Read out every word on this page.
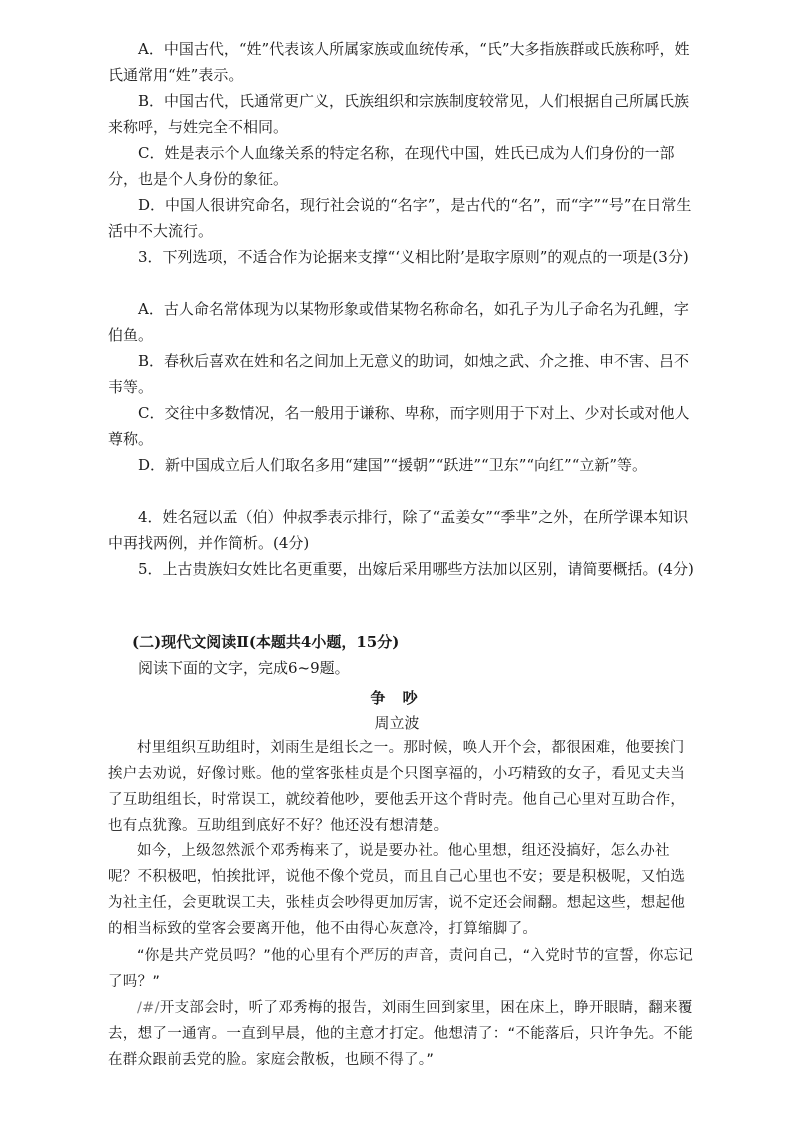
A．中国古代，“姓”代表该人所属家族或血统传承，“氏”大多指族群或氏族称呼，姓氏通常用“姓”表示。

B．中国古代，氏通常更广义，氏族组织和宗族制度较常见，人们根据自己所属氏族来称呼，与姓完全不相同。

C．姓是表示个人血缘关系的特定名称，在现代中国，姓氏已成为人们身份的一部分，也是个人身份的象征。

D．中国人很讲究命名，现行社会说的“名字”，是古代的“名”，而“字”“号”在日常生活中不大流行。

3．下列选项，不适合作为论据来支撑“‘义相比附’是取字原则”的观点的一项是(3分)

A．古人命名常体现为以某物形象或借某物名称命名，如孔子为儿子命名为孔鲤，字伯鱼。

B．春秋后喜欢在姓和名之间加上无意义的助词，如烛之武、介之推、申不害、吕不韦等。

C．交往中多数情况，名一般用于谦称、卑称，而字则用于下对上、少对长或对他人尊称。

D．新中国成立后人们取名多用“建国”“援朝”“跃进”“卫东”“向红”“立新”等。

4．姓名冠以孟（伯）仲叔季表示排行，除了“孟姜女”“季芈”之外，在所学课本知识中再找两例，并作简析。(4分)

5．上古贵族妇女姓比名更重要，出嫁后采用哪些方法加以区别，请简要概括。(4分)

(二)现代文阅读Ⅱ(本题共4小题，15分)

阅读下面的文字，完成6~9题。

争 吵

周立波

村里组织互助组时，刘雨生是组长之一。那时候，唤人开个会，都很困难，他要挨门挨户去劝说，好像讨账。他的堂客张桂贞是个只图享福的，小巧精致的女子，看见丈夫当了互助组组长，时常误工，就绞着他吵，要他丢开这个背时壳。他自己心里对互助合作，也有点犹豫。互助组到底好不好？他还没有想清楚。

如今，上级忽然派个邓秀梅来了，说是要办社。他心里想，组还没搞好，怎么办社呢？不积极吧，怕挨批评，说他不像个党员，而且自己心里也不安；要是积极呢，又怕选为社主任，会更耽误工夫，张桂贞会吵得更加厉害，说不定还会闹翻。想起这些，想起他的相当标致的堂客会要离开他，他不由得心灰意冷，打算缩脚了。

“你是共产党员吗？”他的心里有个严厉的声音，责问自己，“入党时节的宣誓，你忘记了吗？”

/#/开支部会时，听了邓秀梅的报告，刘雨生回到家里，困在床上，睁开眼睛，翻来覆去，想了一通宵。一直到早晨，他的主意才打定。他想清了：“不能落后，只许争先。不能在群众跟前丢党的脸。家庭会散板，也顾不得了。”
